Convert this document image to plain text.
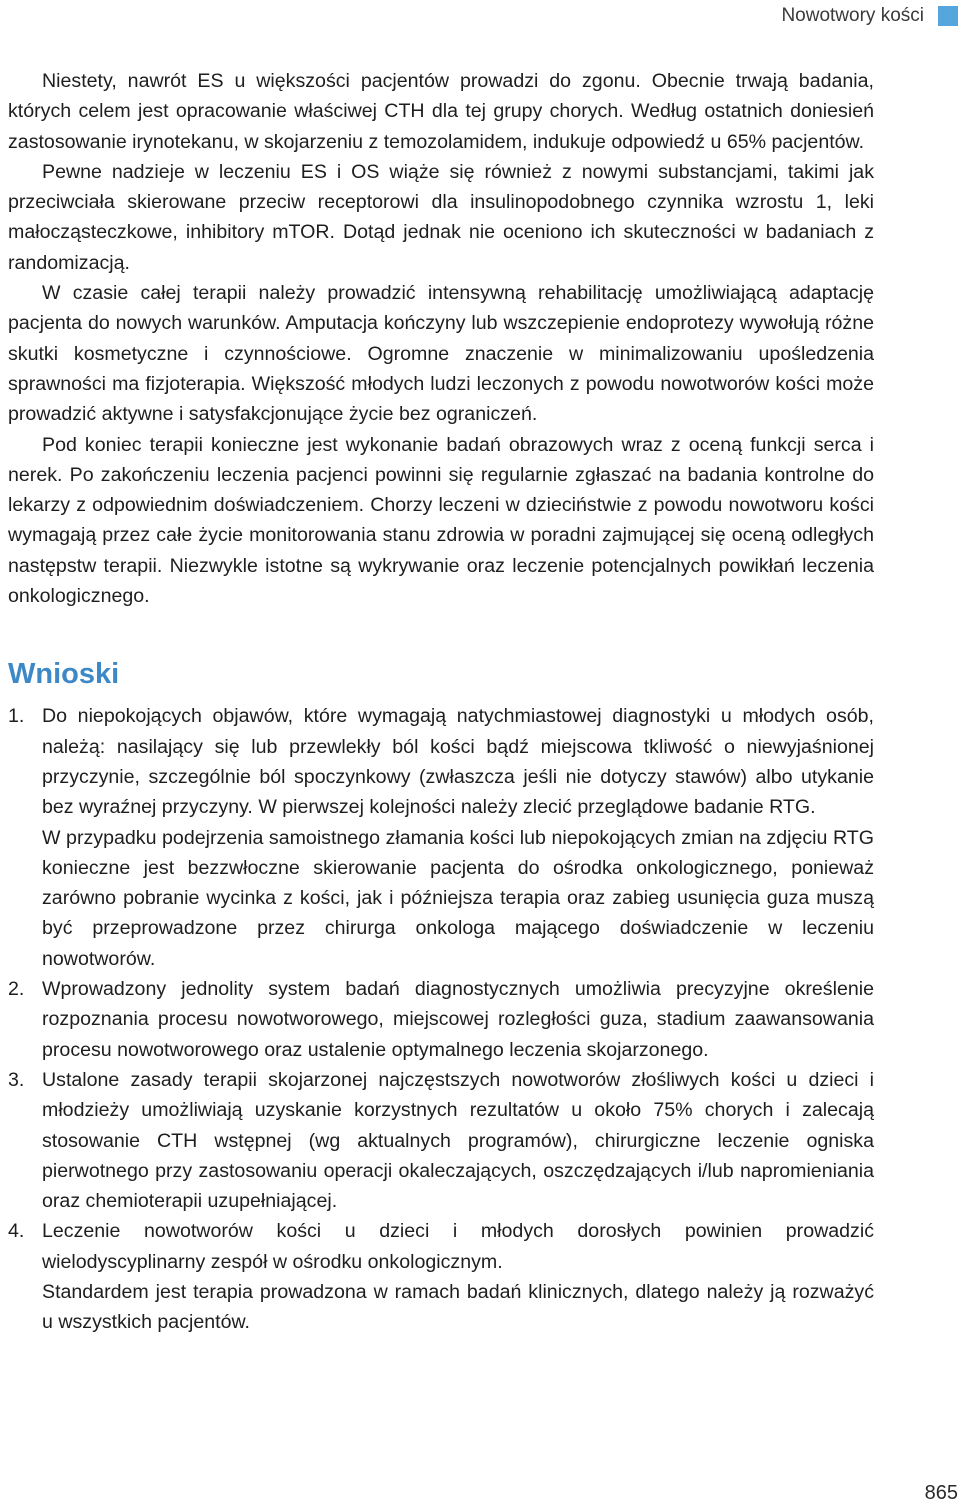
Nowotwory kości

Niestety, nawrót ES u większości pacjentów prowadzi do zgonu. Obecnie trwają badania, których celem jest opracowanie właściwej CTH dla tej grupy chorych. Według ostatnich doniesień zastosowanie irynotekanu, w skojarzeniu z temozolamidem, indukuje odpowiedź u 65% pacjentów.

Pewne nadzieje w leczeniu ES i OS wiąże się również z nowymi substancjami, takimi jak przeciwciała skierowane przeciw receptorowi dla insulinopodobnego czynnika wzrostu 1, leki małocząsteczkowe, inhibitory mTOR. Dotąd jednak nie oceniono ich skuteczności w badaniach z randomizacją.

W czasie całej terapii należy prowadzić intensywną rehabilitację umożliwiającą adaptację pacjenta do nowych warunków. Amputacja kończyny lub wszczepienie endoprotezy wywołują różne skutki kosmetyczne i czynnościowe. Ogromne znaczenie w minimalizowaniu upośledzenia sprawności ma fizjoterapia. Większość młodych ludzi leczonych z powodu nowotworów kości może prowadzić aktywne i satysfakcjonujące życie bez ograniczeń.

Pod koniec terapii konieczne jest wykonanie badań obrazowych wraz z oceną funkcji serca i nerek. Po zakończeniu leczenia pacjenci powinni się regularnie zgłaszać na badania kontrolne do lekarzy z odpowiednim doświadczeniem. Chorzy leczeni w dzieciństwie z powodu nowotworu kości wymagają przez całe życie monitorowania stanu zdrowia w poradni zajmującej się oceną odległych następstw terapii. Niezwykle istotne są wykrywanie oraz leczenie potencjalnych powikłań leczenia onkologicznego.

Wnioski
1. Do niepokojących objawów, które wymagają natychmiastowej diagnostyki u młodych osób, należą: nasilający się lub przewlekły ból kości bądź miejscowa tkliwość o niewyjaśnionej przyczynie, szczególnie ból spoczynkowy (zwłaszcza jeśli nie dotyczy stawów) albo utykanie bez wyraźnej przyczyny. W pierwszej kolejności należy zlecić przeglądowe badanie RTG.

W przypadku podejrzenia samoistnego złamania kości lub niepokojących zmian na zdjęciu RTG konieczne jest bezzwłoczne skierowanie pacjenta do ośrodka onkologicznego, ponieważ zarówno pobranie wycinka z kości, jak i późniejsza terapia oraz zabieg usunięcia guza muszą być przeprowadzone przez chirurga onkologa mającego doświadczenie w leczeniu nowotworów.

2. Wprowadzony jednolity system badań diagnostycznych umożliwia precyzyjne określenie rozpoznania procesu nowotworowego, miejscowej rozległości guza, stadium zaawansowania procesu nowotworowego oraz ustalenie optymalnego leczenia skojarzonego.

3. Ustalone zasady terapii skojarzonej najczęstszych nowotworów złośliwych kości u dzieci i młodzieży umożliwiają uzyskanie korzystnych rezultatów u około 75% chorych i zalecają stosowanie CTH wstępnej (wg aktualnych programów), chirurgiczne leczenie ogniska pierwotnego przy zastosowaniu operacji okaleczających, oszczędzających i/lub napromieniania oraz chemioterapii uzupełniającej.

4. Leczenie nowotworów kości u dzieci i młodych dorosłych powinien prowadzić wielodyscyplinarny zespół w ośrodku onkologicznym.

Standardem jest terapia prowadzona w ramach badań klinicznych, dlatego należy ją rozważyć u wszystkich pacjentów.

865
